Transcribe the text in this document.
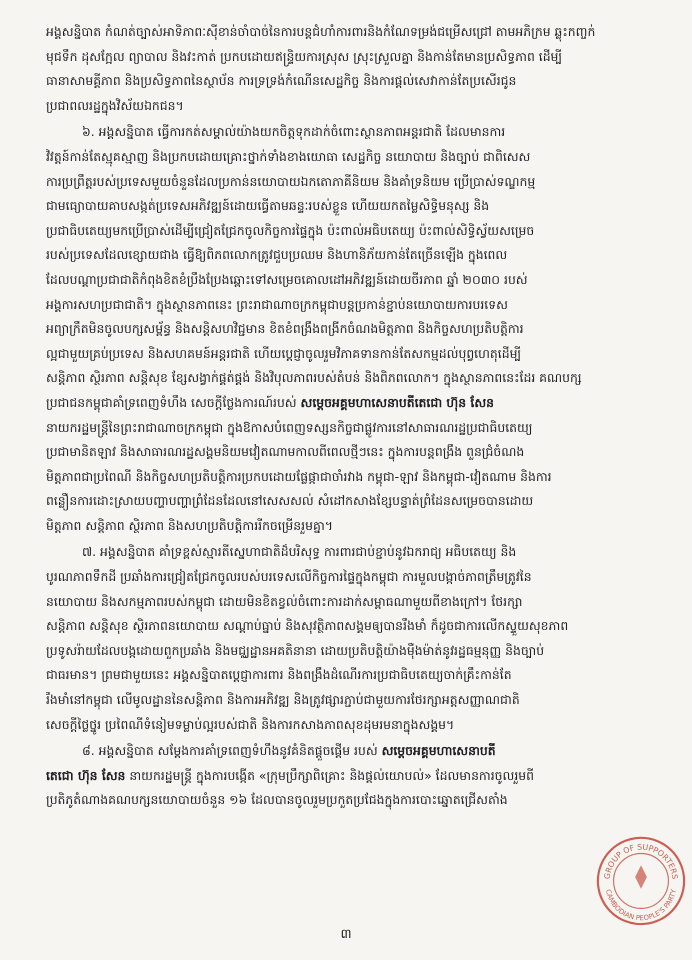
អង្គសន្និបាត កំណត់ច្បាស់អាទិភាពៈស៊ីខាន់ចាំបាច់នៃការបន្តជំហាំការពារនិងកំណែទម្រង់ជម្រើសជ្រៅ តាមអភិក្រម ឆ្លុះកញ្ចក់
មុជទឹក ដុសក្អែល ព្យាបាល និងវះកាត់ ប្រកបដោយឥន្ទ្រិយការស្រុស ស្រុះស្រួលគ្នា និងកាន់តែមានប្រសិទ្ធភាព ដើម្បី
ធានាសាមគ្គីភាព និងប្រសិទ្ធភាពនៃស្ថាប័ន ការទ្រទ្រង់កំណើនសេដ្ឋកិច្ច និងការផ្តល់សេវាកាន់តែប្រសើរជូន
ប្រជាពលរដ្ឋក្នុងវិស័យឯកជន។
៦. អង្គសន្និបាត ធ្វើការកត់សម្គាល់យ៉ាងយកចិត្តទុកដាក់ចំពោះស្ថានភាពអន្តរជាតិ ដែលមានការ
វិវត្តន៍កាន់តែស្មុគស្មាញ និងប្រកបដោយគ្រោះថ្នាក់ទាំងខាងយោធា សេដ្ឋកិច្ច នយោបាយ និងច្បាប់ ជាពិសេស
ការប្រព្រឹត្តរបស់ប្រទេសមួយចំនួនដែលប្រកាន់នយោបាយឯកតោភាគីនិយម និងគាំទ្រនិយម ប្រើប្រាស់ទណ្ឌកម្ម
ជាមធ្យោបាយគាបសង្កត់ប្រទេសអភិវឌ្ឍន៍ដោយធ្វើតាមឆន្ទៈរបស់ខ្លួន ហើយយកតម្លៃសិទ្ធិមនុស្ស និង
ប្រជាធិបតេយ្យមកប្រើប្រាស់ដើម្បីជ្រៀតជ្រែកចូលកិច្ចការផ្ទៃក្នុង ប៉ះពាល់អធិបតេយ្យ ប៉ះពាល់សិទ្ធិស្វ័យសម្រេច
របស់ប្រទេសដែលខ្សោយជាង ធ្វើឱ្យពិភពលោកត្រូវជួបប្រឈម និងហានិភ័យកាន់តែច្រើនឡើង ក្នុងពេល
ដែលបណ្តាប្រជាជាតិកំពុងខិតខំប្រឹងប្រែងឆ្ពោះទៅសម្រេចគោលដៅអភិវឌ្ឍន៍ដោយចីរភាព ឆ្នាំ ២០៣០ របស់
អង្គការសហប្រជាជាតិ។ ក្នុងស្ថានភាពនេះ ព្រះរាជាណាចក្រកម្ពុជាបន្តប្រកាន់ខ្ជាប់នយោបាយការបរទេស
អព្យាក្រឹតមិនចូលបក្សសម្ព័ន្ធ និងសន្តិសហវិជ្ជមាន ខិតខំពង្រឹងពង្រីកចំណងមិត្តភាព និងកិច្ចសហប្រតិបត្តិការ
ល្អជាមួយគ្រប់ប្រទេស និងសហគមន៍អន្តរជាតិ ហើយប្តេជ្ញាចូលរួមវិភាគទានកាន់តែសកម្មដល់បុព្វហេតុដើម្បី
សន្តិភាព ស្ថិរភាព សន្តិសុខ ខ្សែសង្វាក់ផ្គត់ផ្គង់ និងវិបុលភាពរបស់តំបន់ និងពិភពលោក។ ក្នុងស្ថានភាពនេះដែរ គណបក្ស
ប្រជាជនកម្ពុជាគាំទ្រពេញទំហឹង សេចក្តីថ្លែងការណ៍របស់ សម្តេចអគ្គមហាសេនាបតីតេជោ ហ៊ុន សែន
នាយករដ្ឋមន្ត្រីនៃព្រះរាជាណាចក្រកម្ពុជា ក្នុងឱកាសបំពេញទស្សនកិច្ចជាផ្លូវការនៅសាធារណរដ្ឋប្រជាធិបតេយ្យ
ប្រជាមានិតឡាវ និងសាធារណរដ្ឋសង្គមនិយមវៀតណាមកាលពីពេលថ្មីៗនេះ ក្នុងការបន្តពង្រឹង ពួនជ្រំចំណង
មិត្តភាពជាប្រពៃណី និងកិច្ចសហប្រតិបត្តិការប្រកបដោយផ្លែផ្កាជាចាំរវាង កម្ពុជា-ឡាវ និងកម្ពុជា-វៀតណាម និងការ
ពន្លឿនការដោះស្រាយបញ្ហាបញ្ហាព្រំដែនដែលនៅសេសសល់ សំដៅកសាងខ្សែបន្ទាត់ព្រំដែនសម្រេចបានដោយ
មិត្តភាព សន្តិភាព ស្ថិរភាព និងសហប្រតិបត្តិការរីកចម្រើនរួមគ្នា។
៧. អង្គសន្និបាត គាំទ្រខ្ពស់ស្មារតីស្នេហាជាតិដ៏បរិសុទ្ធ ការពារជាប់ខ្ជាប់នូវឯករាជ្យ អធិបតេយ្យ និង
បូរណភាពទឹកដី ប្រឆាំងការជ្រៀតជ្រែកចូលរបស់បរទេសលើកិច្ចការផ្ទៃក្នុងកម្ពុជា ការមួលបង្កាច់ភាពត្រឹមត្រូវនៃ
នយោបាយ និងសកម្មភាពរបស់កម្ពុជា ដោយមិនខិតខ្វល់ចំពោះការដាក់សម្ពាធណាមួយពីខាងក្រៅ។ ថែរក្សា
សន្តិភាព សន្តិសុខ ស្ថិរភាពនយោបាយ សណ្តាប់ធ្នាប់ និងសុវត្ថិភាពសង្គមឲ្យបានរឹងមាំ ក៏ដូចជាការលើកស្ទួយសុខភាព
ប្រទូសរ៉ាយដែលបង្កដោយពួកប្រឆាំង និងមជ្ឈដ្ឋានអគតិនានា ដោយប្រតិបត្តិយ៉ាងម៉ឺងម៉ាត់នូវរដ្ឋធម្មនុញ្ញ និងច្បាប់
ជាធរមាន។ ព្រមជាមួយនេះ អង្គសន្និបាតប្តេជ្ញាការពារ និងពង្រឹងដំណើរការប្រជាធិបតេយ្យចាក់គ្រឹះកាន់តែ
រឹងមាំនៅកម្ពុជា លើមូលដ្ឋាននៃសន្តិភាព និងការអភិវឌ្ឍ និងត្រូវផ្សារភ្ជាប់ជាមួយការថែរក្សាអត្តសញ្ញាណជាតិ
សេចក្តីថ្លៃថ្នូរ ប្រពៃណីទំនៀមទម្លាប់ល្អរបស់ជាតិ និងការកសាងភាពសុខដុមរមនាក្នុងសង្គម។
៨. អង្គសន្និបាត សម្តែងការគាំទ្រពេញទំហឹងនូវគំនិតផ្តួចផ្តើម របស់ សម្តេចអគ្គមហាសេនាបតី
តេជោ ហ៊ុន សែន នាយករដ្ឋមន្ត្រី ក្នុងការបង្កើត «ក្រុមប្រឹក្សាពិគ្រោះ និងផ្តល់យោបល់» ដែលមានការចូលរួមពី
ប្រតិភូតំណាងគណបក្សនយោបាយចំនួន ១៦ ដែលបានចូលរួមប្រកួតប្រជែងក្នុងការបោះឆ្នោតជ្រើសតាំង
៣
GROUP OF SUPPORTERS
CAMBODIAN PEOPLE'S PARTY
